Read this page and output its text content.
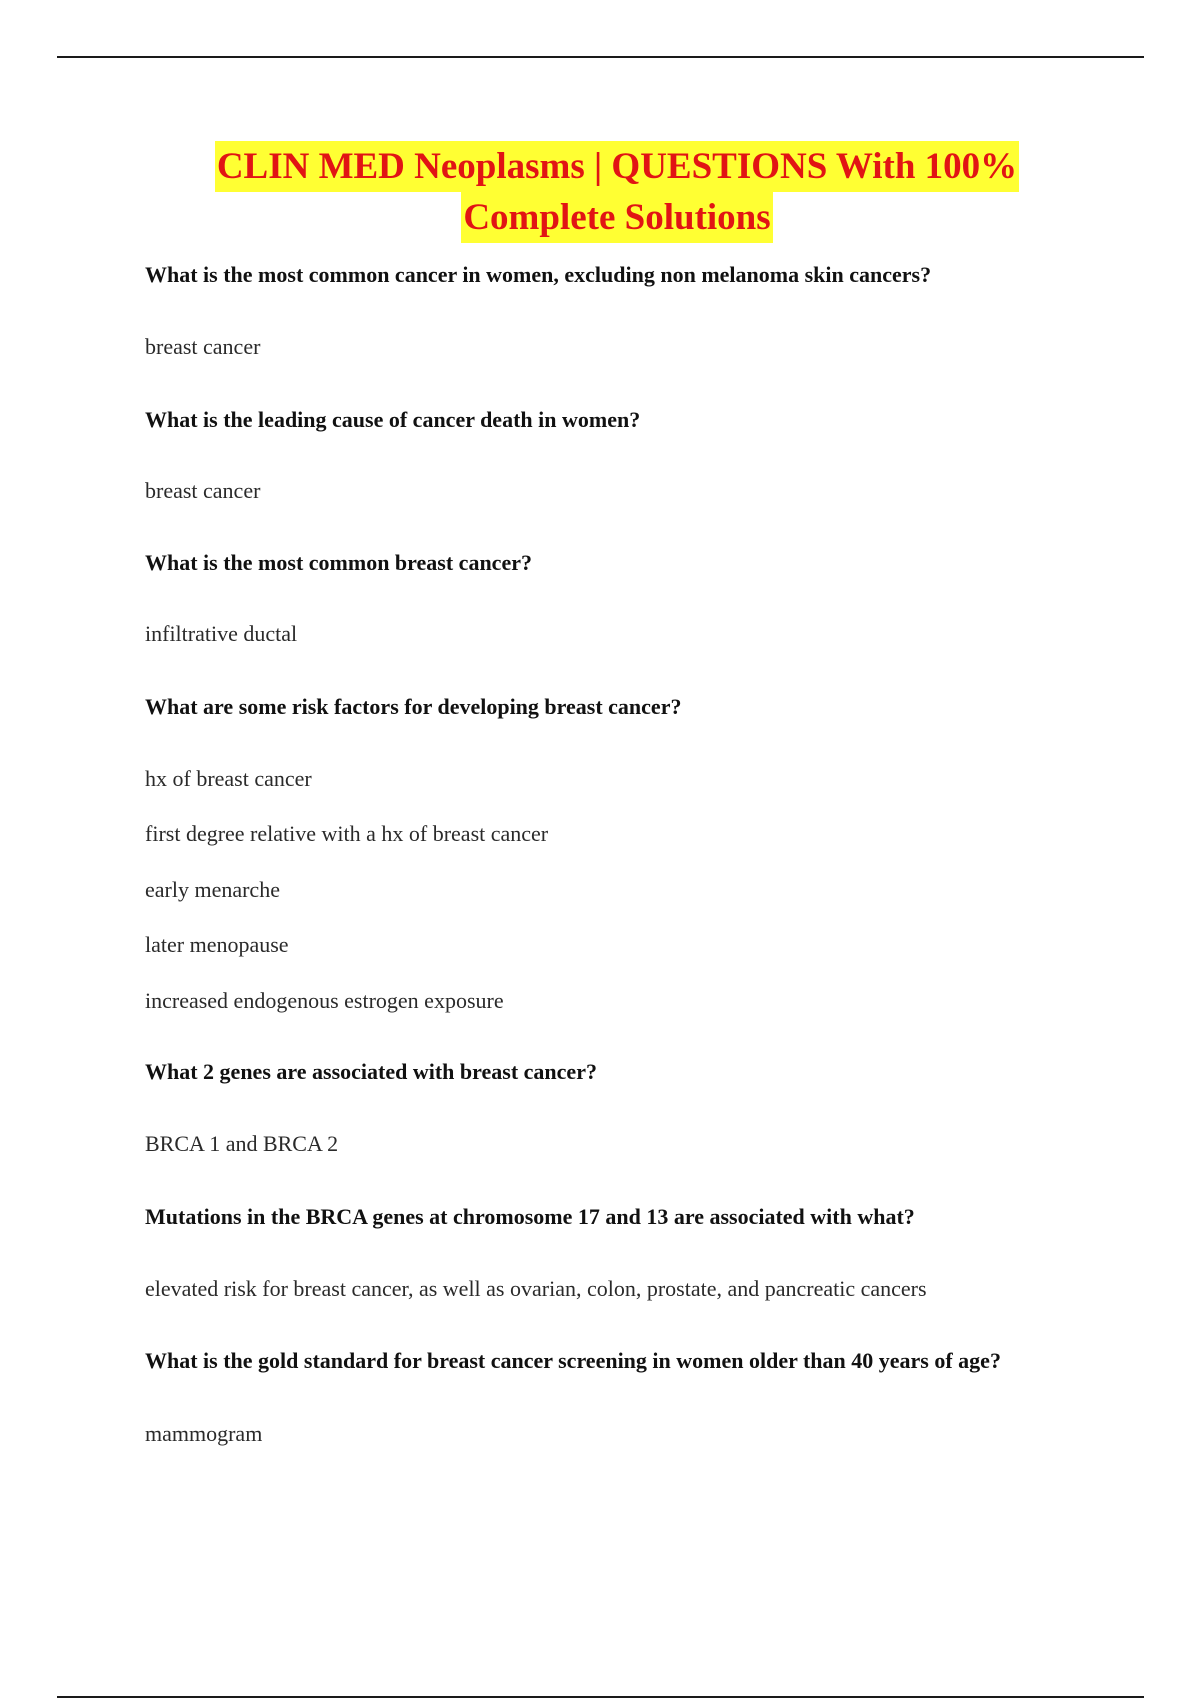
CLIN MED Neoplasms | QUESTIONS With 100%
Complete Solutions

What is the most common cancer in women, excluding non melanoma skin cancers?

breast cancer

What is the leading cause of cancer death in women?

breast cancer

What is the most common breast cancer?

infiltrative ductal

What are some risk factors for developing breast cancer?

hx of breast cancer

first degree relative with a hx of breast cancer

early menarche

later menopause

increased endogenous estrogen exposure

What 2 genes are associated with breast cancer?

BRCA 1 and BRCA 2

Mutations in the BRCA genes at chromosome 17 and 13 are associated with what?

elevated risk for breast cancer, as well as ovarian, colon, prostate, and pancreatic cancers

What is the gold standard for breast cancer screening in women older than 40 years of age?

mammogram
